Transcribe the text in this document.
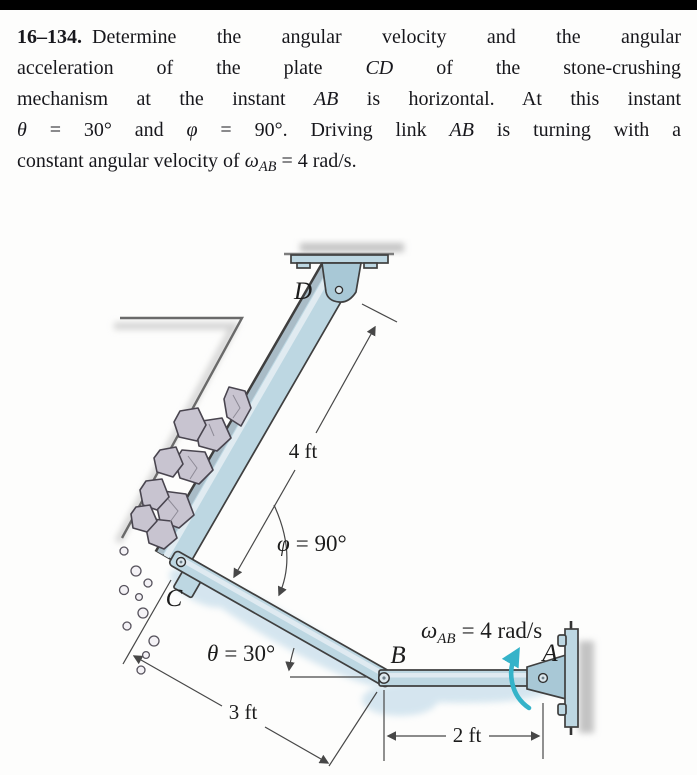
D
4 ft
φ = 90°
C
θ = 30°
3 ft
B
$\omega_{AB} = 4$ rad/s
A
2 ft
16–134. Determine the angular velocity and the angular
acceleration of the plate CD of the stone-crushing
mechanism at the instant AB is horizontal. At this instant
θ = 30° and φ = 90°. Driving link AB is turning with a
constant angular velocity of $\omega_{AB} = 4$ rad/s.
